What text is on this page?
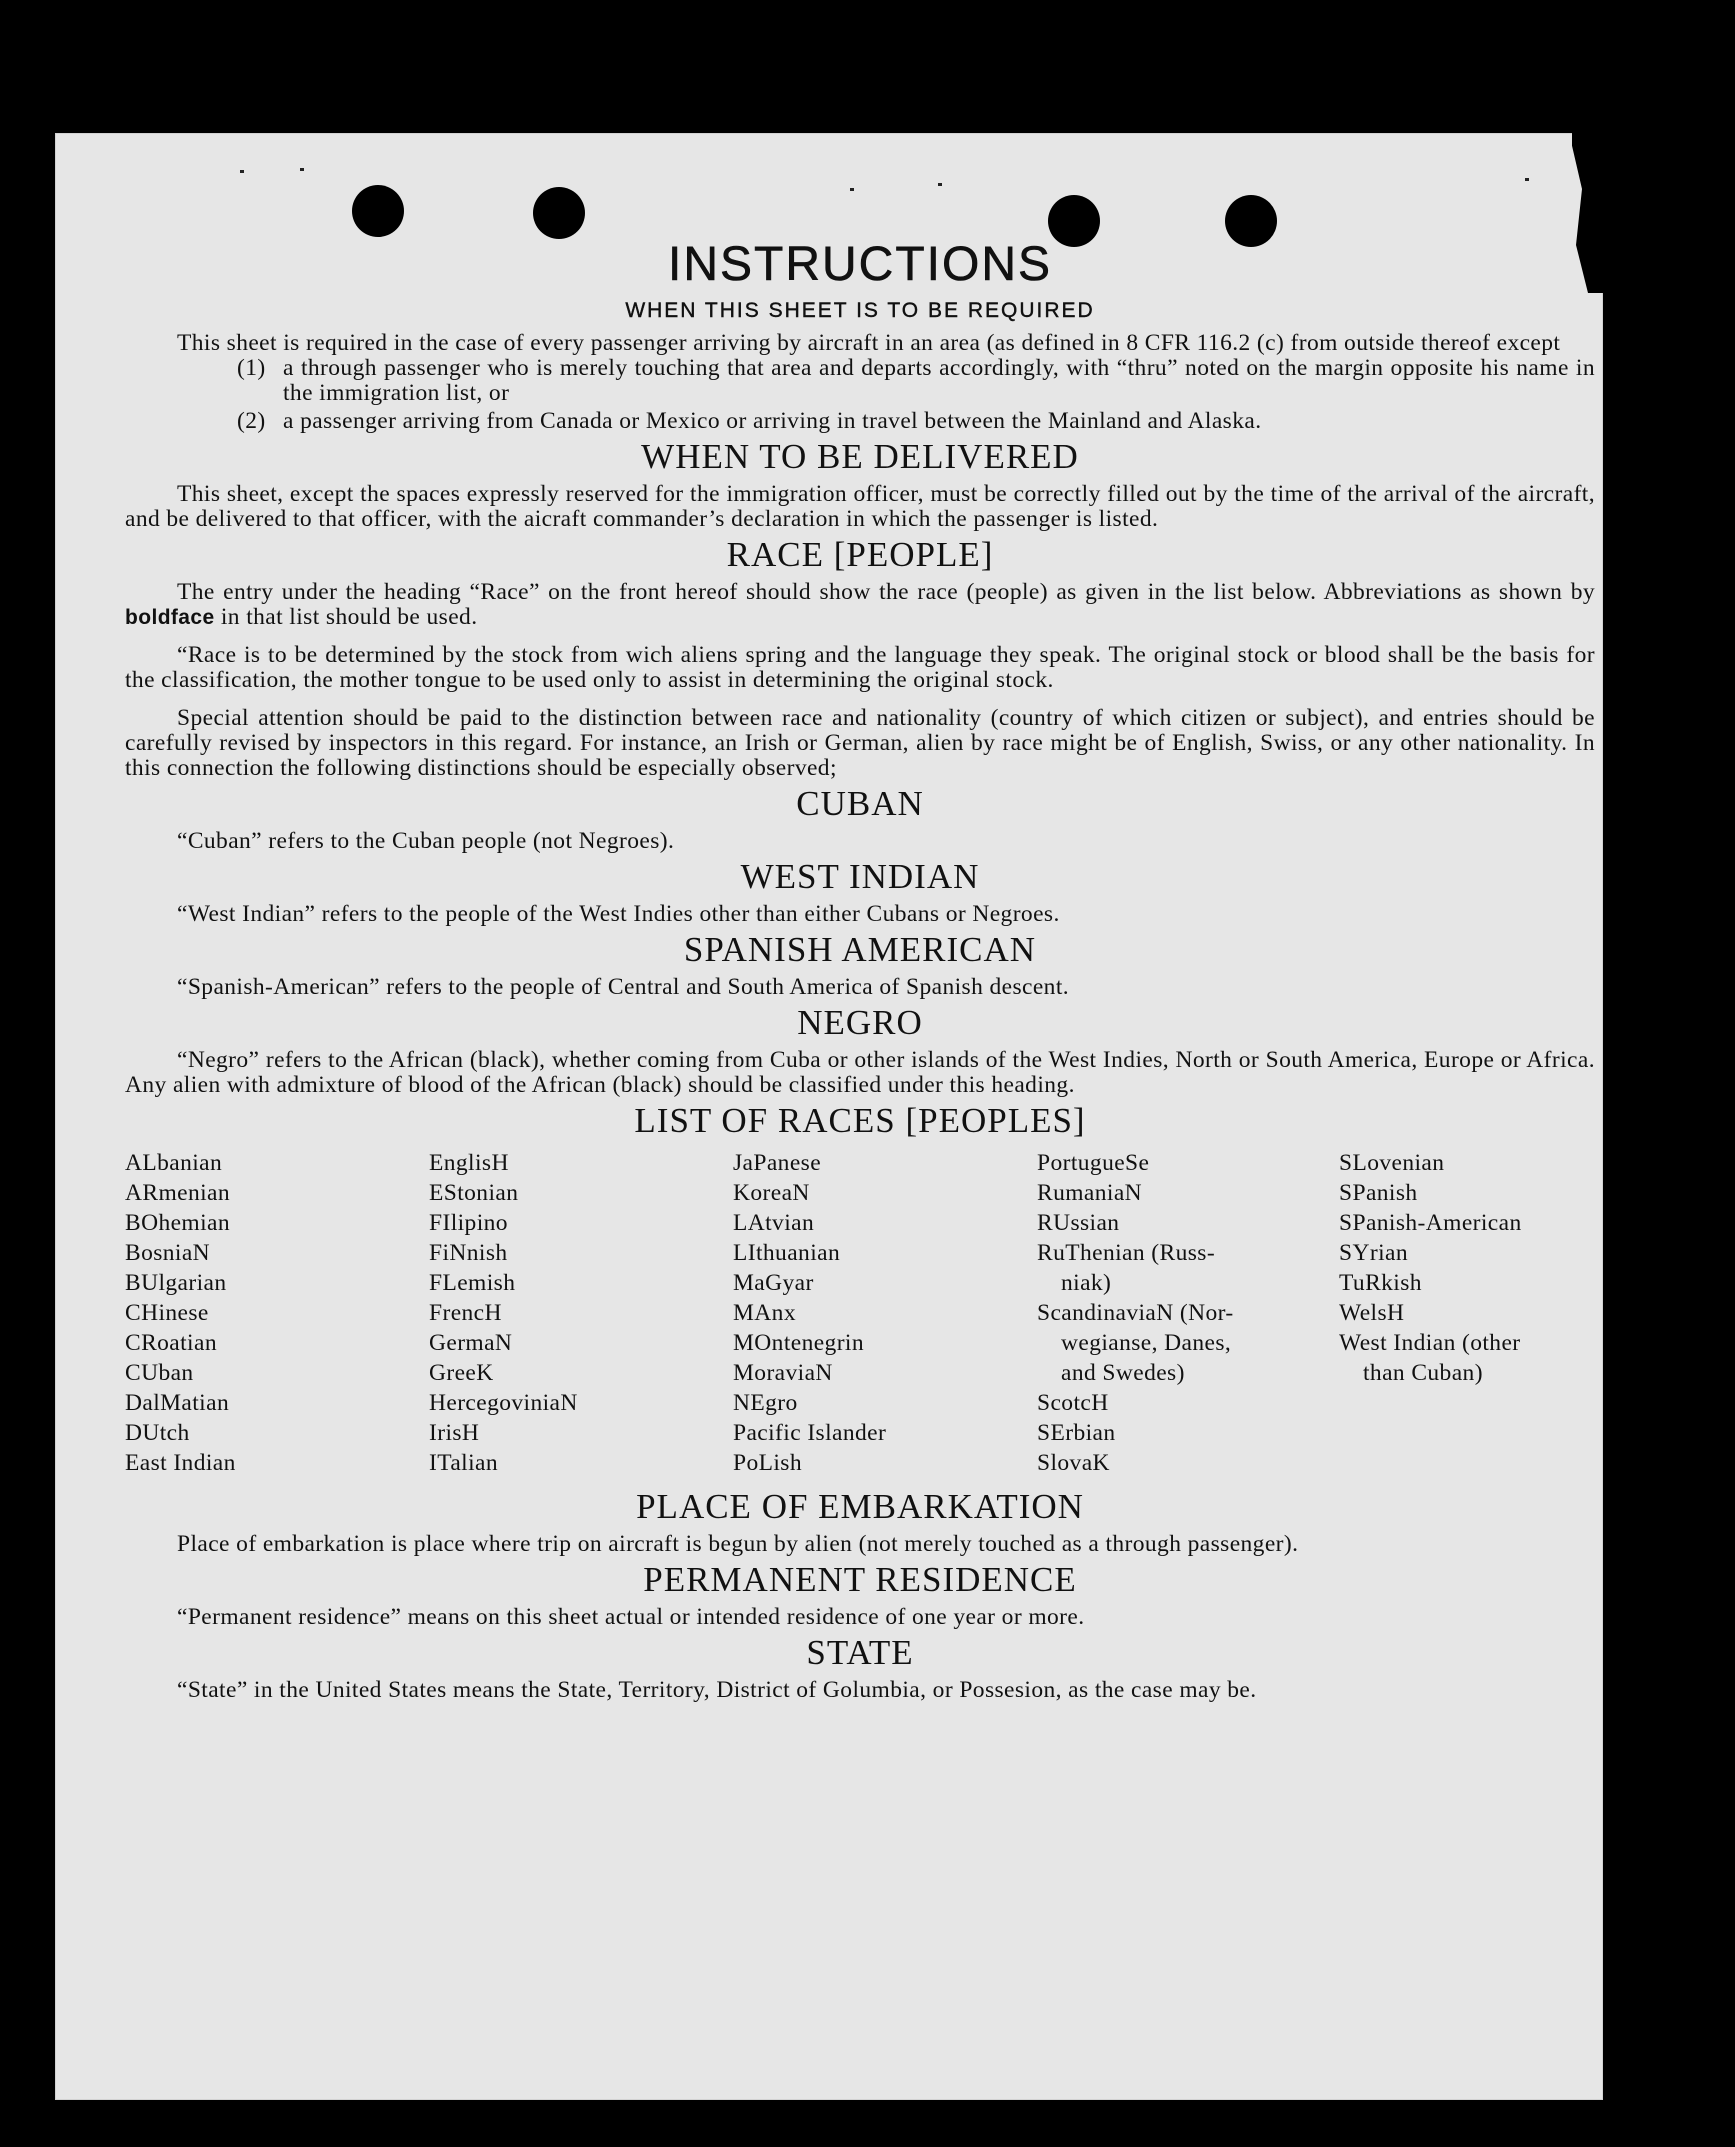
INSTRUCTIONS
WHEN THIS SHEET IS TO BE REQUIRED

This sheet is required in the case of every passenger arriving by aircraft in an area (as defined in 8 CFR 116.2 (c) from outside thereof except

(1) a through passenger who is merely touching that area and departs accordingly, with “thru” noted on the margin opposite his name in the immigration list, or
(2) a passenger arriving from Canada or Mexico or arriving in travel between the Mainland and Alaska.
WHEN TO BE DELIVERED

This sheet, except the spaces expressly reserved for the immigration officer, must be correctly filled out by the time of the arrival of the aircraft, and be delivered to that officer, with the aicraft commander’s declaration in which the passenger is listed.

RACE [PEOPLE]

The entry under the heading “Race” on the front hereof should show the race (people) as given in the list below. Abbreviations as shown by boldface in that list should be used.

“Race is to be determined by the stock from wich aliens spring and the language they speak. The original stock or blood shall be the basis for the classification, the mother tongue to be used only to assist in determining the original stock.

Special attention should be paid to the distinction between race and nationality (country of which citizen or subject), and entries should be carefully revised by inspectors in this regard. For instance, an Irish or German, alien by race might be of English, Swiss, or any other nationality. In this connection the following distinctions should be especially observed;

CUBAN

“Cuban” refers to the Cuban people (not Negroes).

WEST INDIAN

“West Indian” refers to the people of the West Indies other than either Cubans or Negroes.

SPANISH AMERICAN

“Spanish-American” refers to the people of Central and South America of Spanish descent.

NEGRO

“Negro” refers to the African (black), whether coming from Cuba or other islands of the West Indies, North or South America, Europe or Africa. Any alien with admixture of blood of the African (black) should be classified under this heading.

LIST OF RACES [PEOPLES]
ALbanian
ARmenian
BOhemian
BosniaN
BUlgarian
CHinese
CRoatian
CUban
DalMatian
DUtch
East Indian
EnglisH
EStonian
FIlipino
FiNnish
FLemish
FrencH
GermaN
GreeK
HercegoviniaN
IrisH
ITalian
JaPanese
KoreaN
LAtvian
LIthuanian
MaGyar
MAnx
MOntenegrin
MoraviaN
NEgro
Pacific Islander
PoLish
PortugueSe
RumaniaN
RUssian
RuThenian (Russ-
niak)
ScandinaviaN (Nor-
wegianse, Danes,
and Swedes)
ScotcH
SErbian
SlovaK
SLovenian
SPanish
SPanish-American
SYrian
TuRkish
WelsH
West Indian (other
than Cuban)
PLACE OF EMBARKATION

Place of embarkation is place where trip on aircraft is begun by alien (not merely touched as a through passenger).

PERMANENT RESIDENCE

“Permanent residence” means on this sheet actual or intended residence of one year or more.

STATE

“State” in the United States means the State, Territory, District of Golumbia, or Possesion, as the case may be.
